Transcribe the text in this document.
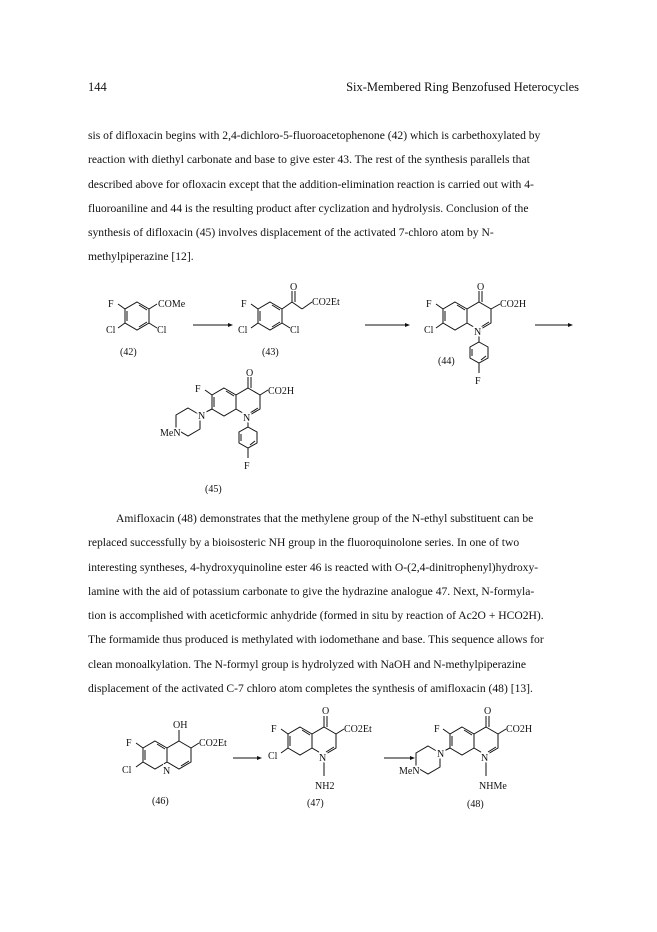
144	Six-Membered Ring Benzofused Heterocycles
sis of difloxacin begins with 2,4-dichloro-5-fluoroacetophenone (42) which is carbethoxylated by
reaction with diethyl carbonate and base to give ester 43. The rest of the synthesis parallels that
described above for ofloxacin except that the addition-elimination reaction is carried out with 4-
fluoroaniline and 44 is the resulting product after cyclization and hydrolysis. Conclusion of the
synthesis of difloxacin (45) involves displacement of the activated 7-chloro atom by N-
methylpiperazine [12].
F	COMe
Cl	Cl
(42)
O
CO2Et
F
Cl	Cl
(43)
O
CO2H
F
Cl	N
F
(44)
O
CO2H
F
N
N
MeN
F
(45)
Amifloxacin (48) demonstrates that the methylene group of the N-ethyl substituent can be
replaced successfully by a bioisosteric NH group in the fluoroquinolone series. In one of two
interesting syntheses, 4-hydroxyquinoline ester 46 is reacted with O-(2,4-dinitrophenyl)hydroxy-
lamine with the aid of potassium carbonate to give the hydrazine analogue 47. Next, N-formyla-
tion is accomplished with aceticformic anhydride (formed in situ by reaction of Ac2O + HCO2H).
The formamide thus produced is methylated with iodomethane and base. This sequence allows for
clean monoalkylation. The N-formyl group is hydrolyzed with NaOH and N-methylpiperazine
displacement of the activated C-7 chloro atom completes the synthesis of amifloxacin (48) [13].
OH
CO2Et
F
Cl	N
(46)
O
CO2Et
F
Cl	N
NH2
(47)
O
CO2H
F
N
N
MeN
NHMe
(48)
